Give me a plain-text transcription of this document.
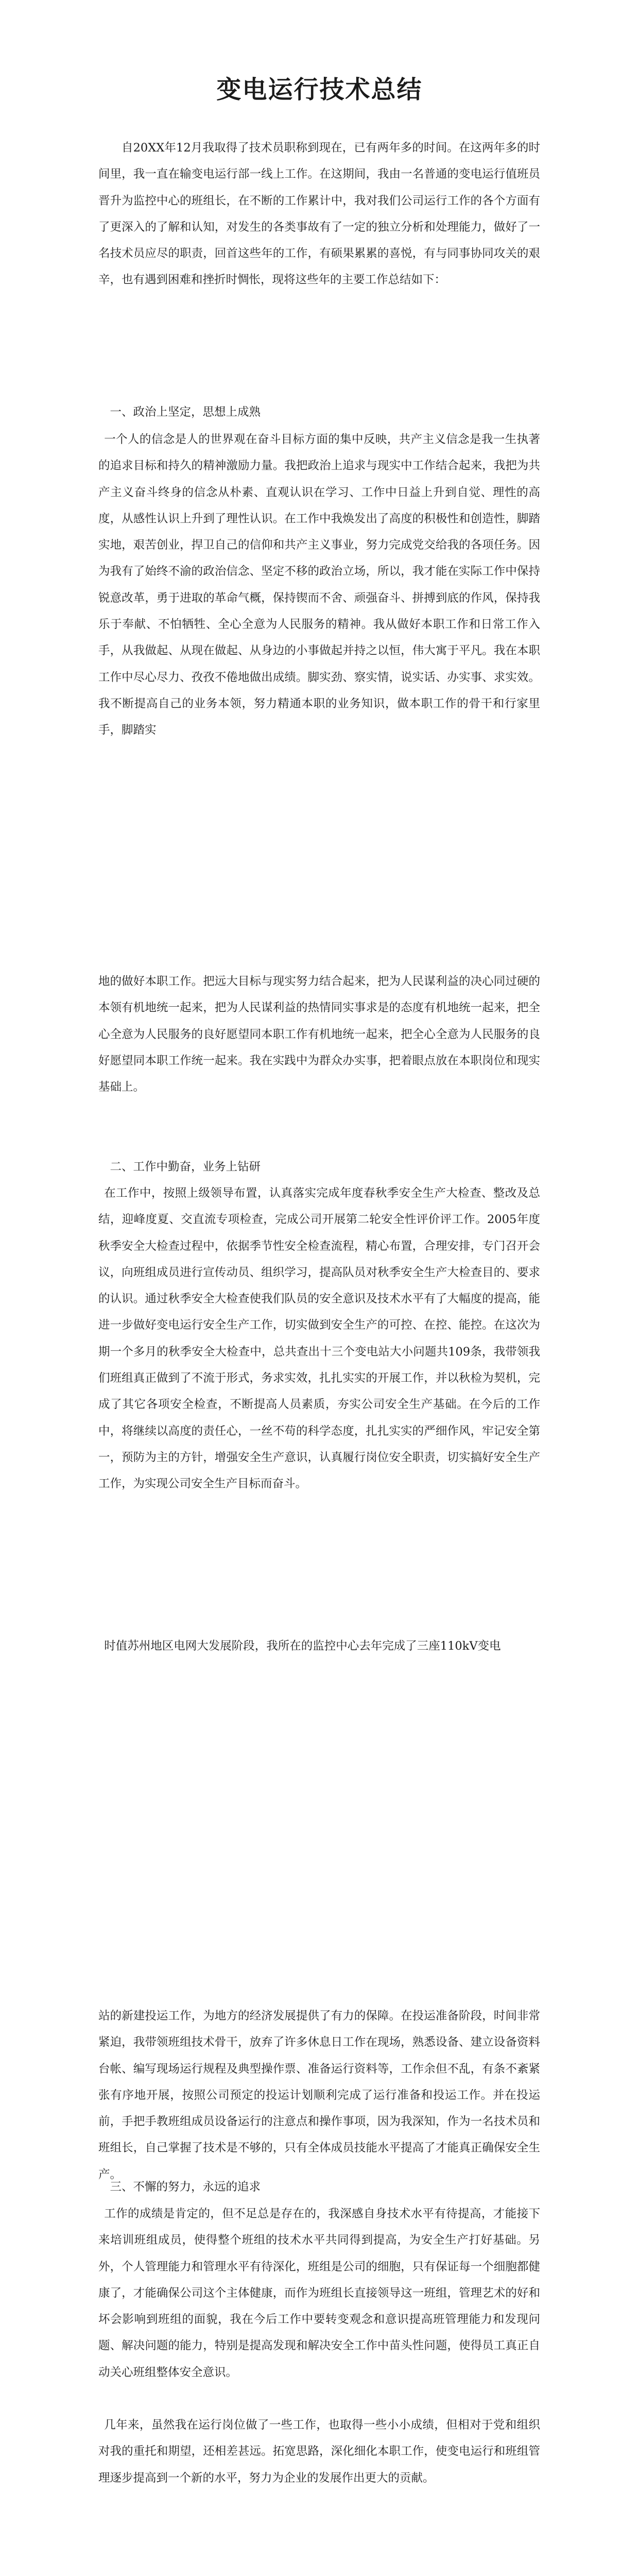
变电运行技术总结

自20XX年12月我取得了技术员职称到现在，已有两年多的时间。在这两年多的时间里，我一直在输变电运行部一线上工作。在这期间，我由一名普通的变电运行值班员晋升为监控中心的班组长，在不断的工作累计中，我对我们公司运行工作的各个方面有了更深入的了解和认知，对发生的各类事故有了一定的独立分析和处理能力，做好了一名技术员应尽的职责，回首这些年的工作，有硕果累累的喜悦，有与同事协同攻关的艰辛，也有遇到困难和挫折时惆怅，现将这些年的主要工作总结如下：

一、政治上坚定，思想上成熟

一个人的信念是人的世界观在奋斗目标方面的集中反映，共产主义信念是我一生执著的追求目标和持久的精神激励力量。我把政治上追求与现实中工作结合起来，我把为共产主义奋斗终身的信念从朴素、直观认识在学习、工作中日益上升到自觉、理性的高度，从感性认识上升到了理性认识。在工作中我焕发出了高度的积极性和创造性，脚踏实地，艰苦创业，捍卫自己的信仰和共产主义事业，努力完成党交给我的各项任务。因为我有了始终不渝的政治信念、坚定不移的政治立场，所以，我才能在实际工作中保持锐意改革，勇于进取的革命气概，保持锲而不舍、顽强奋斗、拼搏到底的作风，保持我乐于奉献、不怕牺牲、全心全意为人民服务的精神。我从做好本职工作和日常工作入手，从我做起、从现在做起、从身边的小事做起并持之以恒，伟大寓于平凡。我在本职工作中尽心尽力、孜孜不倦地做出成绩。脚实劲、察实情，说实话、办实事、求实效。我不断提高自己的业务本领，努力精通本职的业务知识，做本职工作的骨干和行家里手，脚踏实

地的做好本职工作。把远大目标与现实努力结合起来，把为人民谋利益的决心同过硬的本领有机地统一起来，把为人民谋利益的热情同实事求是的态度有机地统一起来，把全心全意为人民服务的良好愿望同本职工作有机地统一起来，把全心全意为人民服务的良好愿望同本职工作统一起来。我在实践中为群众办实事，把着眼点放在本职岗位和现实基础上。

二、工作中勤奋，业务上钻研

在工作中，按照上级领导布置，认真落实完成年度春秋季安全生产大检查、整改及总结，迎峰度夏、交直流专项检查，完成公司开展第二轮安全性评价评工作。2005年度秋季安全大检查过程中，依据季节性安全检查流程，精心布置，合理安排，专门召开会议，向班组成员进行宣传动员、组织学习，提高队员对秋季安全生产大检查目的、要求的认识。通过秋季安全大检查使我们队员的安全意识及技术水平有了大幅度的提高，能进一步做好变电运行安全生产工作，切实做到安全生产的可控、在控、能控。在这次为期一个多月的秋季安全大检查中，总共查出十三个变电站大小问题共109条，我带领我们班组真正做到了不流于形式，务求实效，扎扎实实的开展工作，并以秋检为契机，完成了其它各项安全检查，不断提高人员素质，夯实公司安全生产基础。在今后的工作中，将继续以高度的责任心，一丝不苟的科学态度，扎扎实实的严细作风，牢记安全第一，预防为主的方针，增强安全生产意识，认真履行岗位安全职责，切实搞好安全生产工作，为实现公司安全生产目标而奋斗。

时值苏州地区电网大发展阶段，我所在的监控中心去年完成了三座110kV变电

站的新建投运工作，为地方的经济发展提供了有力的保障。在投运准备阶段，时间非常紧迫，我带领班组技术骨干，放弃了许多休息日工作在现场，熟悉设备、建立设备资料台帐、编写现场运行规程及典型操作票、准备运行资料等，工作余但不乱，有条不紊紧张有序地开展，按照公司预定的投运计划顺利完成了运行准备和投运工作。并在投运前，手把手教班组成员设备运行的注意点和操作事项，因为我深知，作为一名技术员和班组长，自己掌握了技术是不够的，只有全体成员技能水平提高了才能真正确保安全生产。

三、不懈的努力，永远的追求

工作的成绩是肯定的，但不足总是存在的，我深感自身技术水平有待提高，才能接下来培训班组成员，使得整个班组的技术水平共同得到提高，为安全生产打好基础。另外，个人管理能力和管理水平有待深化，班组是公司的细胞，只有保证每一个细胞都健康了，才能确保公司这个主体健康，而作为班组长直接领导这一班组，管理艺术的好和坏会影响到班组的面貌，我在今后工作中要转变观念和意识提高班管理能力和发现问题、解决问题的能力，特别是提高发现和解决安全工作中苗头性问题，使得员工真正自动关心班组整体安全意识。

几年来，虽然我在运行岗位做了一些工作，也取得一些小小成绩，但相对于党和组织对我的重托和期望，还相差甚远。拓宽思路，深化细化本职工作，使变电运行和班组管理逐步提高到一个新的水平，努力为企业的发展作出更大的贡献。
